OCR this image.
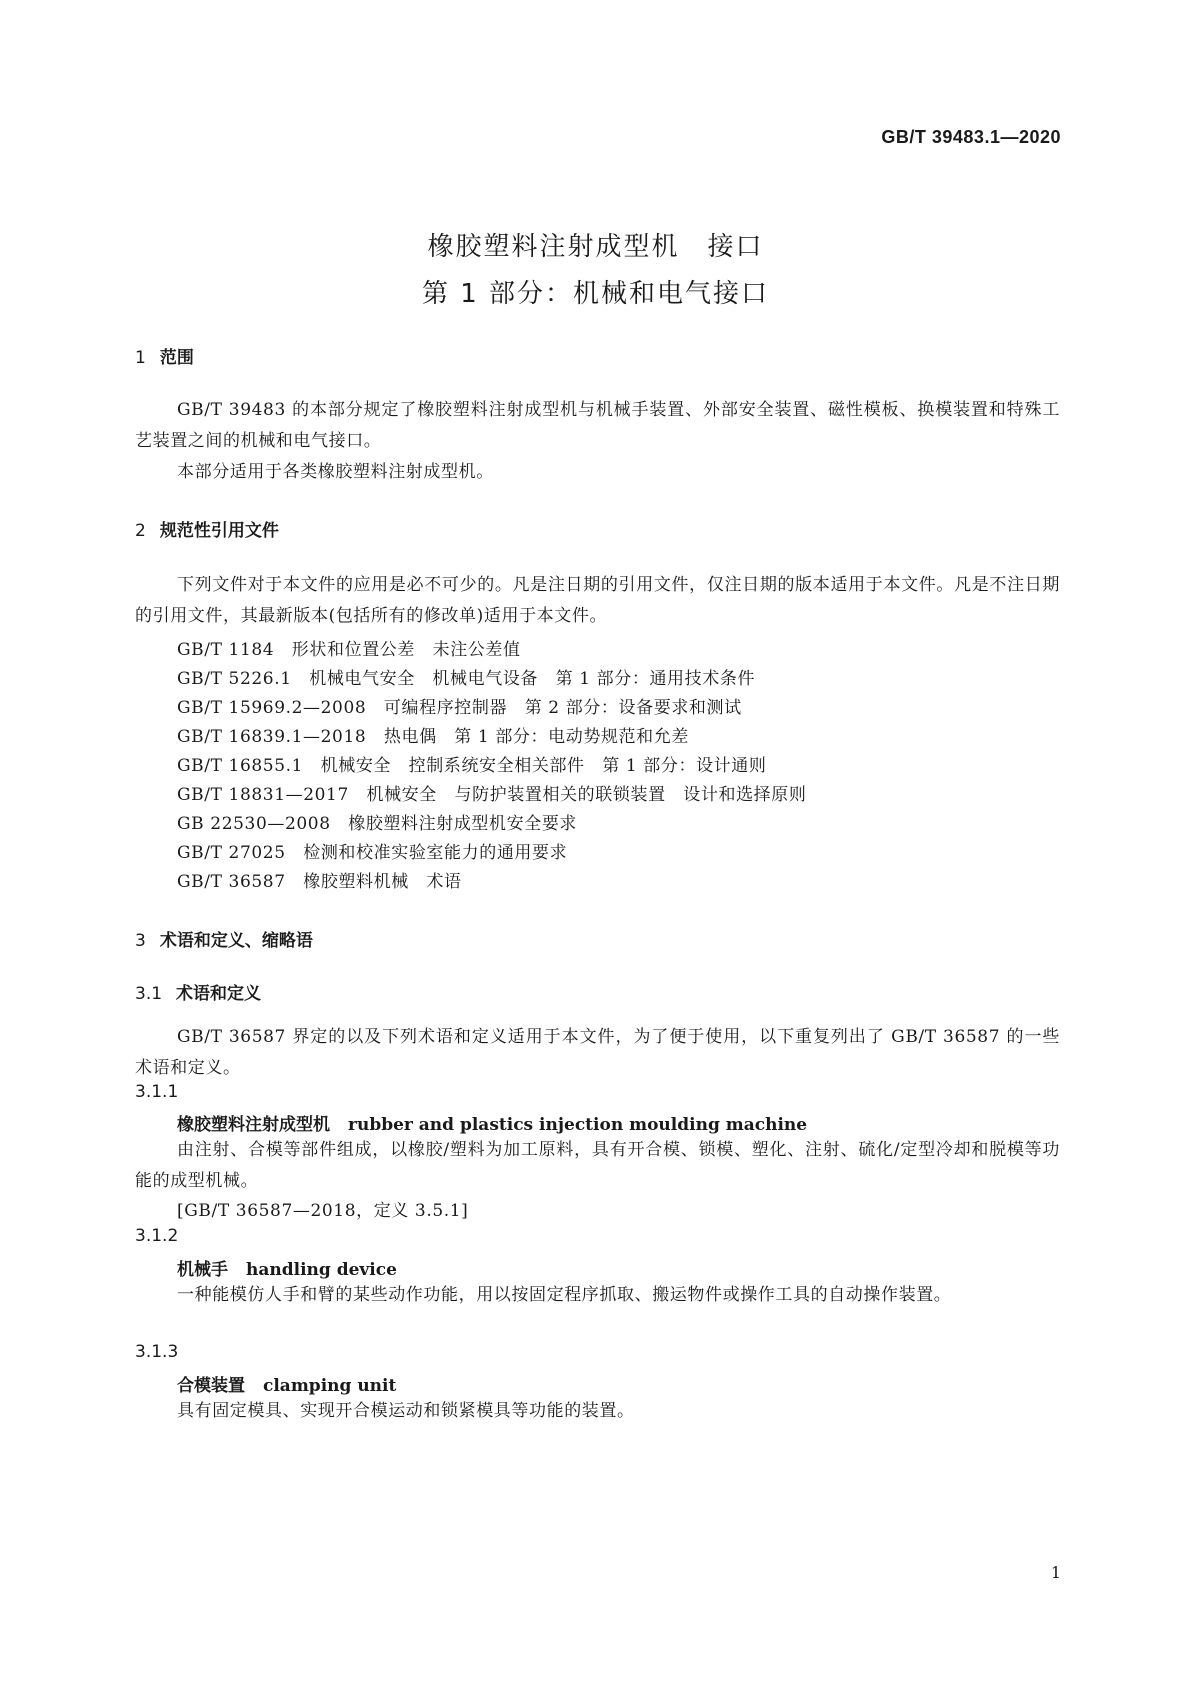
GB/T 39483.1—2020
橡胶塑料注射成型机　接口
第 1 部分：机械和电气接口
1 范围
GB/T 39483 的本部分规定了橡胶塑料注射成型机与机械手装置、外部安全装置、磁性模板、换模装置和特殊工艺装置之间的机械和电气接口。
本部分适用于各类橡胶塑料注射成型机。
2 规范性引用文件
下列文件对于本文件的应用是必不可少的。凡是注日期的引用文件，仅注日期的版本适用于本文件。凡是不注日期的引用文件，其最新版本(包括所有的修改单)适用于本文件。
GB/T 1184　形状和位置公差　未注公差值
GB/T 5226.1　机械电气安全　机械电气设备　第 1 部分：通用技术条件
GB/T 15969.2—2008　可编程序控制器　第 2 部分：设备要求和测试
GB/T 16839.1—2018　热电偶　第 1 部分：电动势规范和允差
GB/T 16855.1　机械安全　控制系统安全相关部件　第 1 部分：设计通则
GB/T 18831—2017　机械安全　与防护装置相关的联锁装置　设计和选择原则
GB 22530—2008　橡胶塑料注射成型机安全要求
GB/T 27025　检测和校准实验室能力的通用要求
GB/T 36587　橡胶塑料机械　术语
3 术语和定义、缩略语
3.1 术语和定义
GB/T 36587 界定的以及下列术语和定义适用于本文件，为了便于使用，以下重复列出了 GB/T 36587 的一些术语和定义。
3.1.1
橡胶塑料注射成型机 rubber and plastics injection moulding machine
由注射、合模等部件组成，以橡胶/塑料为加工原料，具有开合模、锁模、塑化、注射、硫化/定型冷却和脱模等功能的成型机械。
[GB/T 36587—2018，定义 3.5.1]
3.1.2
机械手 handling device
一种能模仿人手和臂的某些动作功能，用以按固定程序抓取、搬运物件或操作工具的自动操作装置。
3.1.3
合模装置 clamping unit
具有固定模具、实现开合模运动和锁紧模具等功能的装置。
1
